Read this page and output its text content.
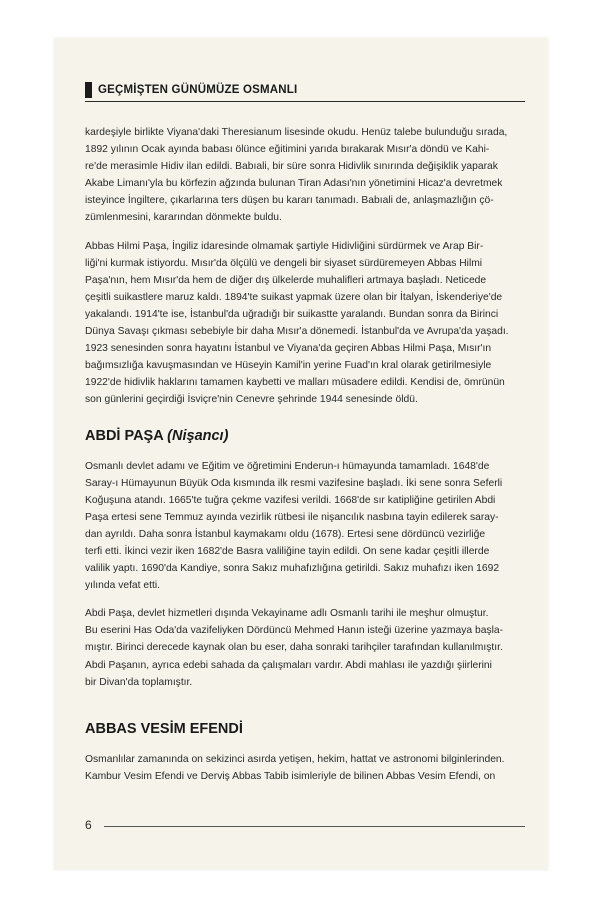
GEÇMİŞTEN GÜNÜMÜZE OSMANLI
kardeşiyle birlikte Viyana'daki Theresianum lisesinde okudu. Henüz talebe bulunduğu sırada,
1892 yılının Ocak ayında babası ölünce eğitimini yarıda bırakarak Mısır'a döndü ve Kahi-
re'de merasimle Hidiv ilan edildi. Babıali, bir süre sonra Hidivlik sınırında değişiklik yaparak
Akabe Limanı'yla bu körfezin ağzında bulunan Tiran Adası'nın yönetimini Hicaz'a devretmek
isteyince İngiltere, çıkarlarına ters düşen bu kararı tanımadı. Babıali de, anlaşmazlığın çö-
zümlenmesini, kararından dönmekte buldu.
Abbas Hilmi Paşa, İngiliz idaresinde olmamak şartiyle Hidivliğini sürdürmek ve Arap Bir-
liği'ni kurmak istiyordu. Mısır'da ölçülü ve dengeli bir siyaset sürdüremeyen Abbas Hilmi
Paşa'nın, hem Mısır'da hem de diğer dış ülkelerde muhalifleri artmaya başladı. Neticede
çeşitli suikastlere maruz kaldı. 1894'te suikast yapmak üzere olan bir İtalyan, İskenderiye'de
yakalandı. 1914'te ise, İstanbul'da uğradığı bir suikastte yaralandı. Bundan sonra da Birinci
Dünya Savaşı çıkması sebebiyle bir daha Mısır'a dönemedi. İstanbul'da ve Avrupa'da yaşadı.
1923 senesinden sonra hayatını İstanbul ve Viyana'da geçiren Abbas Hilmi Paşa, Mısır'ın
bağımsızlığa kavuşmasından ve Hüseyin Kamil'in yerine Fuad'ın kral olarak getirilmesiyle
1922'de hidivlik haklarını tamamen kaybetti ve malları müsadere edildi. Kendisi de, ömrünün
son günlerini geçirdiği İsviçre'nin Cenevre şehrinde 1944 senesinde öldü.
ABDİ PAŞA (Nişancı)
Osmanlı devlet adamı ve Eğitim ve öğretimini Enderun-ı hümayunda tamamladı. 1648'de
Saray-ı Hümayunun Büyük Oda kısmında ilk resmi vazifesine başladı. İki sene sonra Seferli
Koğuşuna atandı. 1665'te tuğra çekme vazifesi verildi. 1668'de sır katipliğine getirilen Abdi
Paşa ertesi sene Temmuz ayında vezirlik rütbesi ile nişancılık nasbına tayin edilerek saray-
dan ayrıldı. Daha sonra İstanbul kaymakamı oldu (1678). Ertesi sene dördüncü vezirliğe
terfi etti. İkinci vezir iken 1682'de Basra valiliğine tayin edildi. On sene kadar çeşitli illerde
valilik yaptı. 1690'da Kandiye, sonra Sakız muhafızlığına getirildi. Sakız muhafızı iken 1692
yılında vefat etti.
Abdi Paşa, devlet hizmetleri dışında Vekayiname adlı Osmanlı tarihi ile meşhur olmuştur.
Bu eserini Has Oda'da vazifeliyken Dördüncü Mehmed Hanın isteği üzerine yazmaya başla-
mıştır. Birinci derecede kaynak olan bu eser, daha sonraki tarihçiler tarafından kullanılmıştır.
Abdi Paşanın, ayrıca edebi sahada da çalışmaları vardır. Abdi mahlası ile yazdığı şiirlerini
bir Divan'da toplamıştır.
ABBAS VESİM EFENDİ
Osmanlılar zamanında on sekizinci asırda yetişen, hekim, hattat ve astronomi bilginlerinden.
Kambur Vesim Efendi ve Derviş Abbas Tabib isimleriyle de bilinen Abbas Vesim Efendi, on
6
